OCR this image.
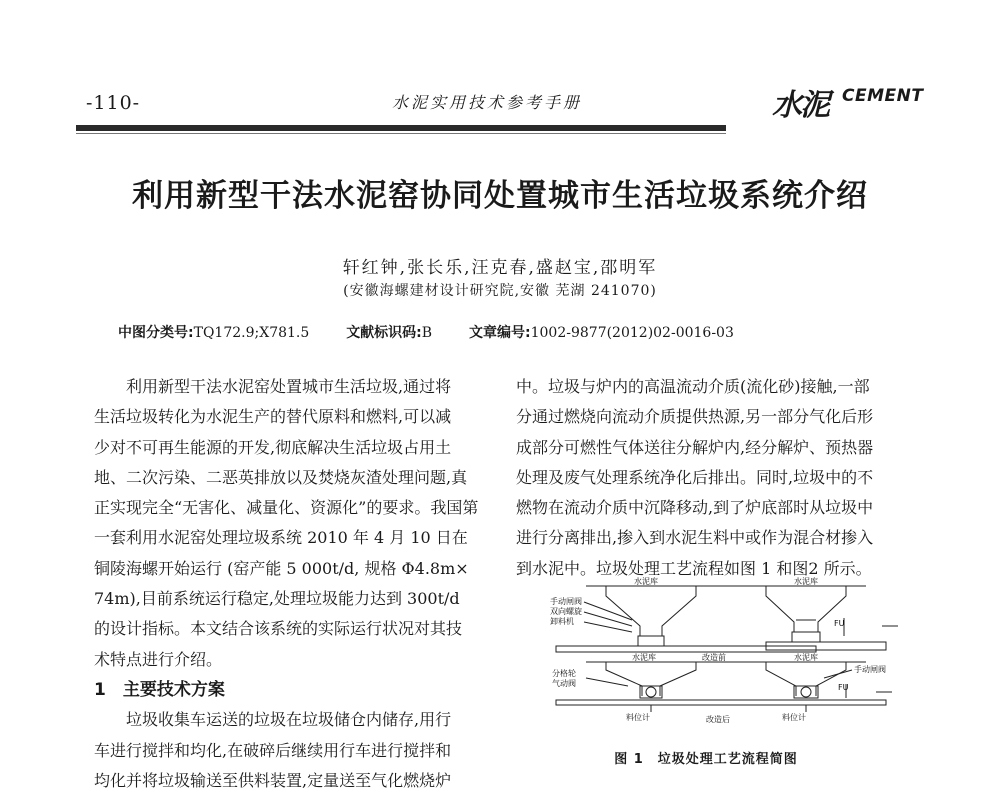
-110-	水泥实用技术参考手册	水泥 CEMENT
利用新型干法水泥窑协同处置城市生活垃圾系统介绍
轩红钟,张长乐,汪克春,盛赵宝,邵明军
(安徽海螺建材设计研究院,安徽 芜湖 241070)
中图分类号:TQ172.9;X781.5	文献标识码:B	文章编号:1002-9877(2012)02-0016-03
　　利用新型干法水泥窑处置城市生活垃圾,通过将
生活垃圾转化为水泥生产的替代原料和燃料,可以减
少对不可再生能源的开发,彻底解决生活垃圾占用土
地、二次污染、二恶英排放以及焚烧灰渣处理问题,真
正实现完全“无害化、减量化、资源化”的要求。我国第
一套利用水泥窑处理垃圾系统 2010 年 4 月 10 日在
铜陵海螺开始运行 (窑产能 5 000t/d, 规格 Φ4.8m×
74m),目前系统运行稳定,处理垃圾能力达到 300t/d
的设计指标。本文结合该系统的实际运行状况对其技
术特点进行介绍。
1　主要技术方案
　　垃圾收集车运送的垃圾在垃圾储仓内储存,用行
车进行搅拌和均化,在破碎后继续用行车进行搅拌和
均化并将垃圾输送至供料装置,定量送至气化燃烧炉
中。垃圾与炉内的高温流动介质(流化砂)接触,一部
分通过燃烧向流动介质提供热源,另一部分气化后形
成部分可燃性气体送往分解炉内,经分解炉、预热器
处理及废气处理系统净化后排出。同时,垃圾中的不
燃物在流动介质中沉降移动,到了炉底部时从垃圾中
进行分离排出,掺入到水泥生料中或作为混合材掺入
到水泥中。垃圾处理工艺流程如图 1 和图2 所示。
水泥库	水泥库
手动闸阀
双向螺旋
卸料机	FU
改造前
水泥库	水泥库
手动闸阀
分格轮
气动阀	FU
料位计	料位计
改造后
图 1　垃圾处理工艺流程简图
